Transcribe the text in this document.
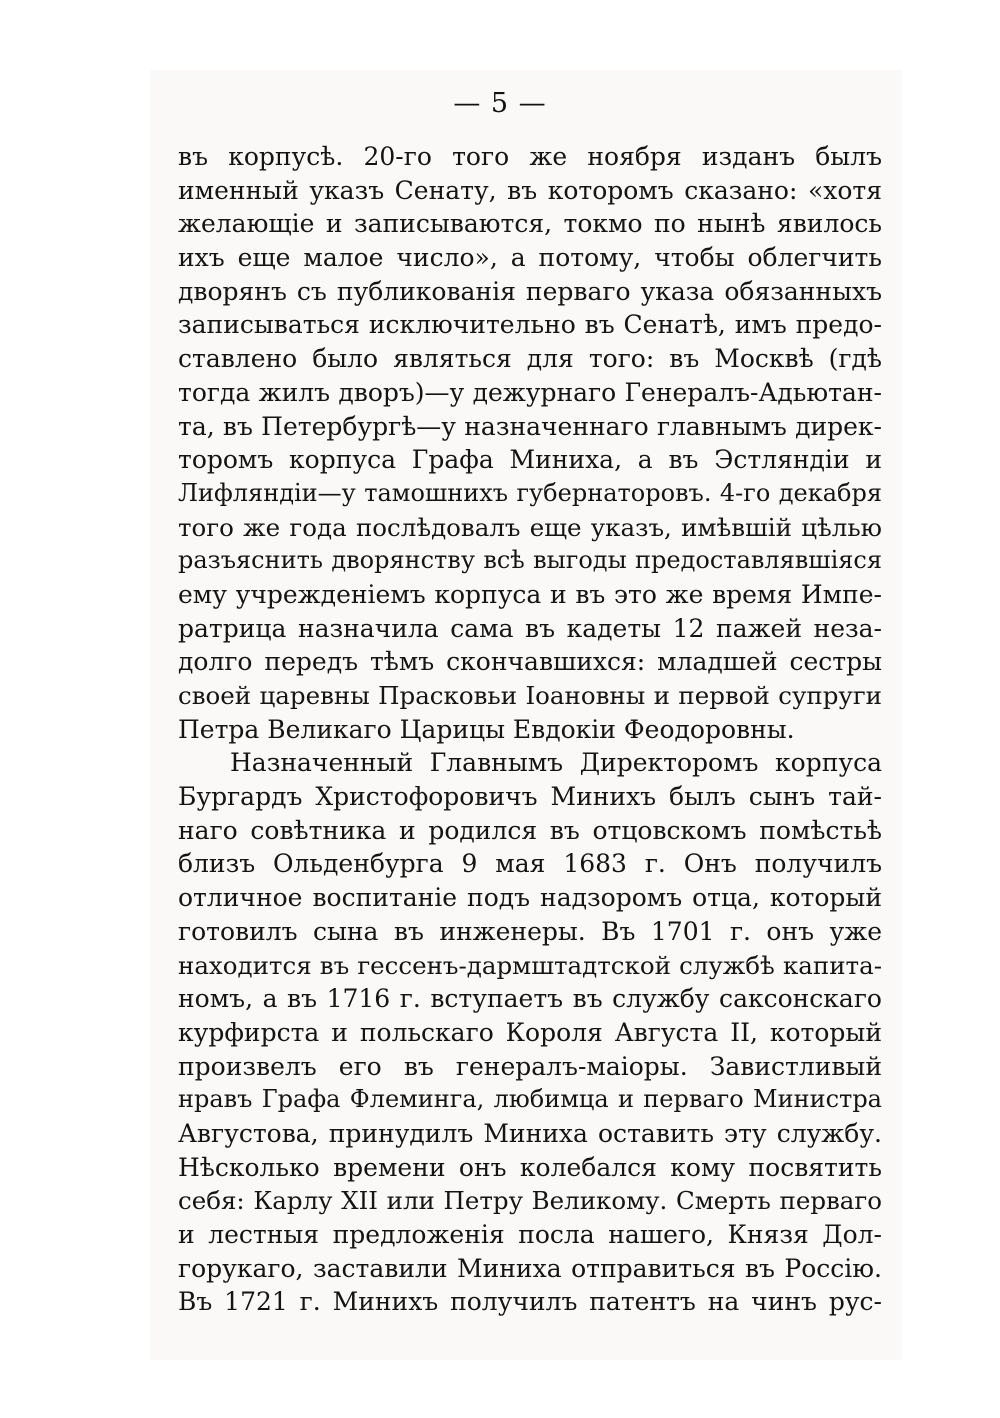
— 5 —
въ корпусѣ. 20-го того же ноября изданъ былъ
именный указъ Сенату, въ которомъ сказано: «хотя
желающіе и записываются, токмо по нынѣ явилось
ихъ еще малое число», а потому, чтобы облегчить
дворянъ съ публикованія перваго указа обязанныхъ
записываться исключительно въ Сенатѣ, имъ предо-
ставлено было являться для того: въ Москвѣ (гдѣ
тогда жилъ дворъ)—у дежурнаго Генералъ-Адьютан-
та, въ Петербургѣ—у назначеннаго главнымъ дирек-
торомъ корпуса Графа Миниха, а въ Эстляндіи и
Лифляндіи—у тамошнихъ губернаторовъ. 4-го декабря
того же года послѣдовалъ еще указъ, имѣвшій цѣлью
разъяснить дворянству всѣ выгоды предоставлявшіяся
ему учрежденіемъ корпуса и въ это же время Импе-
ратрица назначила сама въ кадеты 12 пажей неза-
долго передъ тѣмъ скончавшихся: младшей сестры
своей царевны Прасковьи Іоановны и первой супруги
Петра Великаго Царицы Евдокіи Феодоровны.
Назначенный Главнымъ Директоромъ корпуса
Бургардъ Христофоровичъ Минихъ былъ сынъ тай-
наго совѣтника и родился въ отцовскомъ помѣстьѣ
близъ Ольденбурга 9 мая 1683 г. Онъ получилъ
отличное воспитаніе подъ надзоромъ отца, который
готовилъ сына въ инженеры. Въ 1701 г. онъ уже
находится въ гессенъ-дармштадтской службѣ капита-
номъ, а въ 1716 г. вступаетъ въ службу саксонскаго
курфирста и польскаго Короля Августа II, который
произвелъ его въ генералъ-маіоры. Завистливый
нравъ Графа Флеминга, любимца и перваго Министра
Августова, принудилъ Миниха оставить эту службу.
Нѣсколько времени онъ колебался кому посвятить
себя: Карлу XII или Петру Великому. Смерть перваго
и лестныя предложенія посла нашего, Князя Дол-
горукаго, заставили Миниха отправиться въ Россію.
Въ 1721 г. Минихъ получилъ патентъ на чинъ рус-
